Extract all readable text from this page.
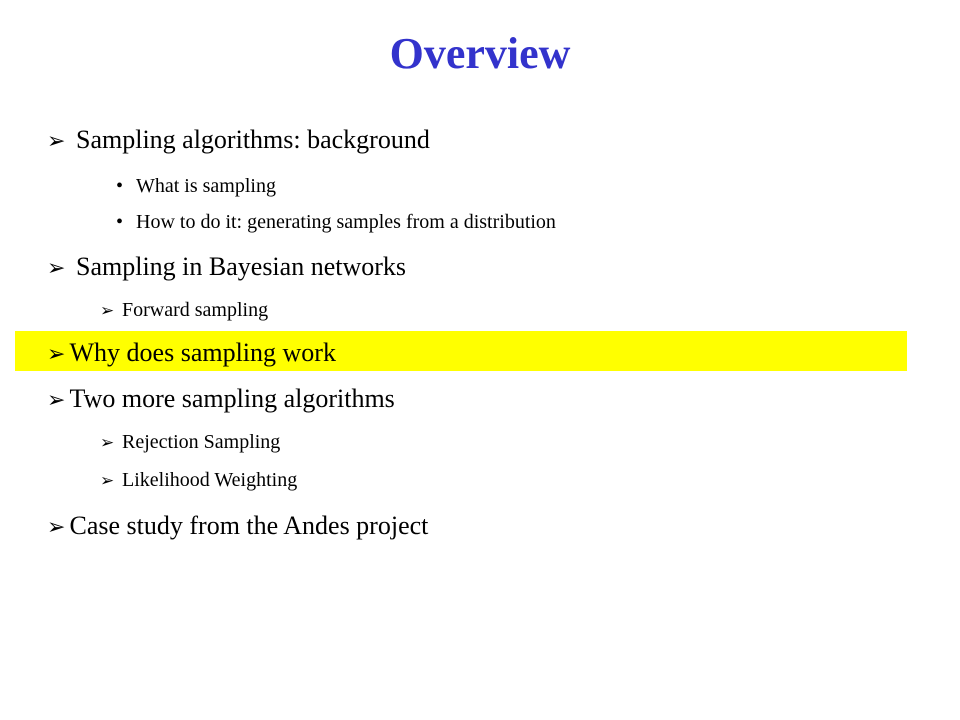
Overview
➢ Sampling algorithms: background
• What is sampling
• How to do it: generating samples from a distribution
➢ Sampling in Bayesian networks
➢ Forward sampling
➢ Why does sampling work
➢ Two more sampling algorithms
➢ Rejection Sampling
➢ Likelihood Weighting
➢ Case study from the Andes project
